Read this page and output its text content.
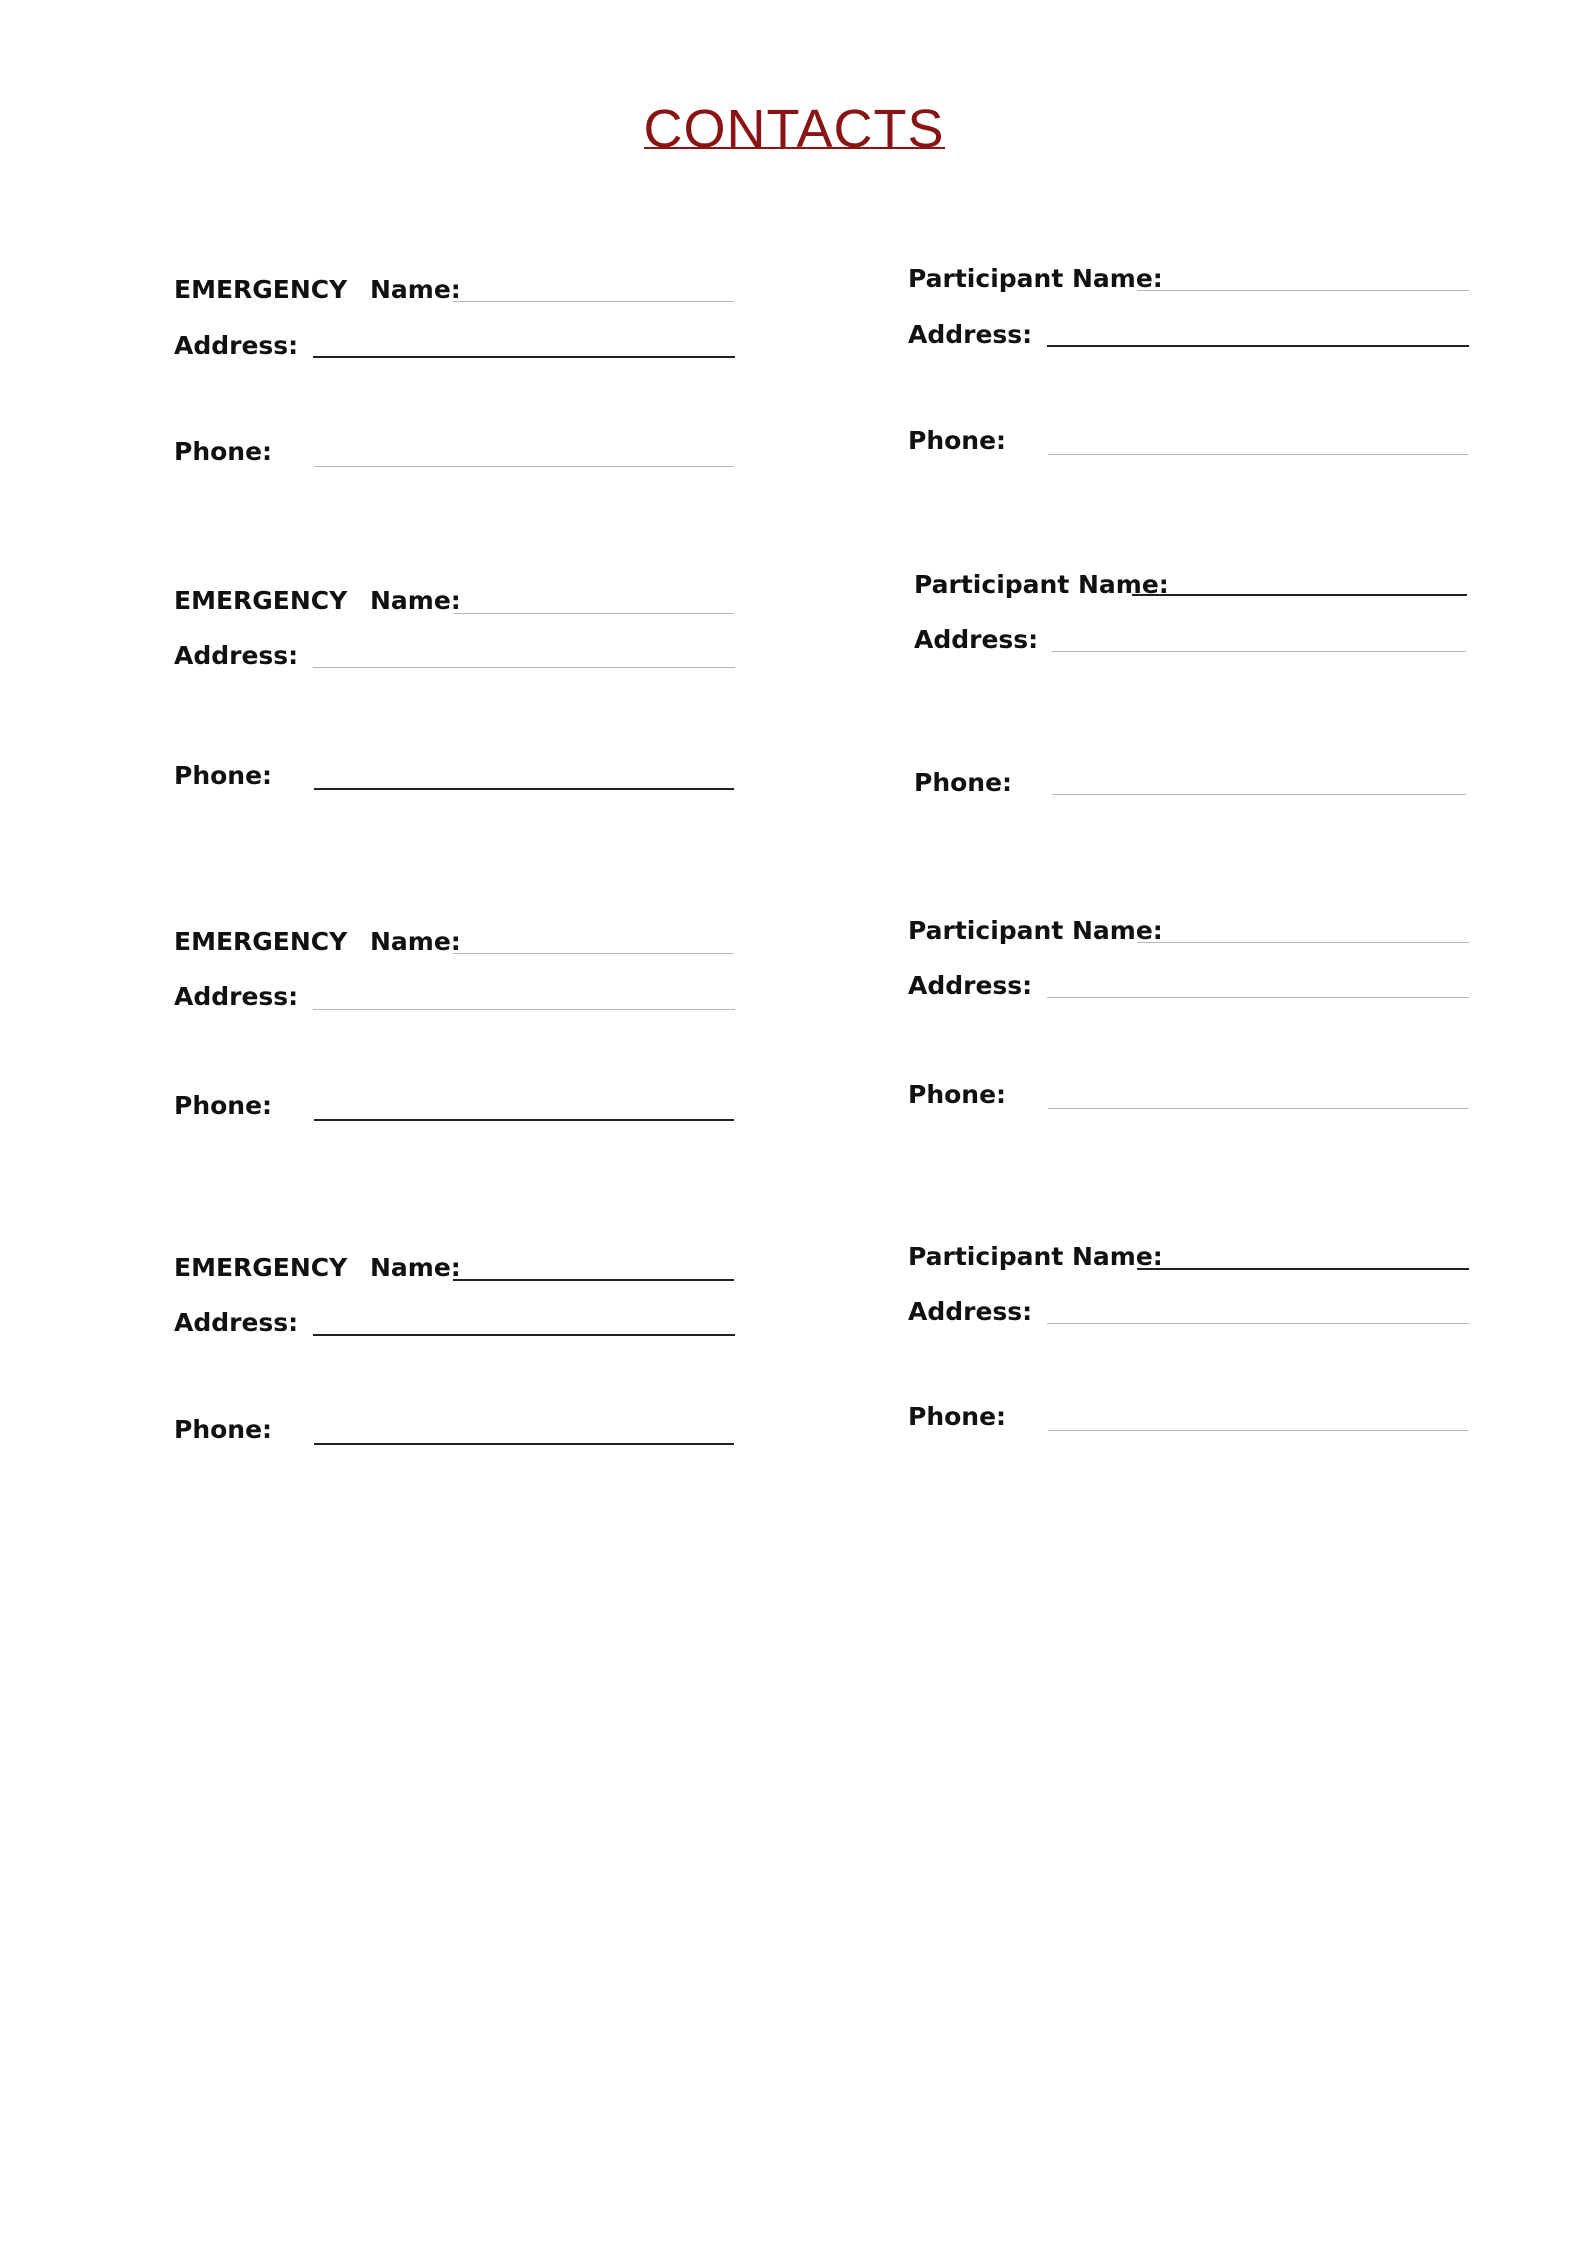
CONTACTS
EMERGENCY Name:
Address:
Phone:
Participant Name:
Address:
Phone:
EMERGENCY Name:
Address:
Phone:
Participant Name:
Address:
Phone:
EMERGENCY Name:
Address:
Phone:
Participant Name:
Address:
Phone:
EMERGENCY Name:
Address:
Phone:
Participant Name:
Address:
Phone:
